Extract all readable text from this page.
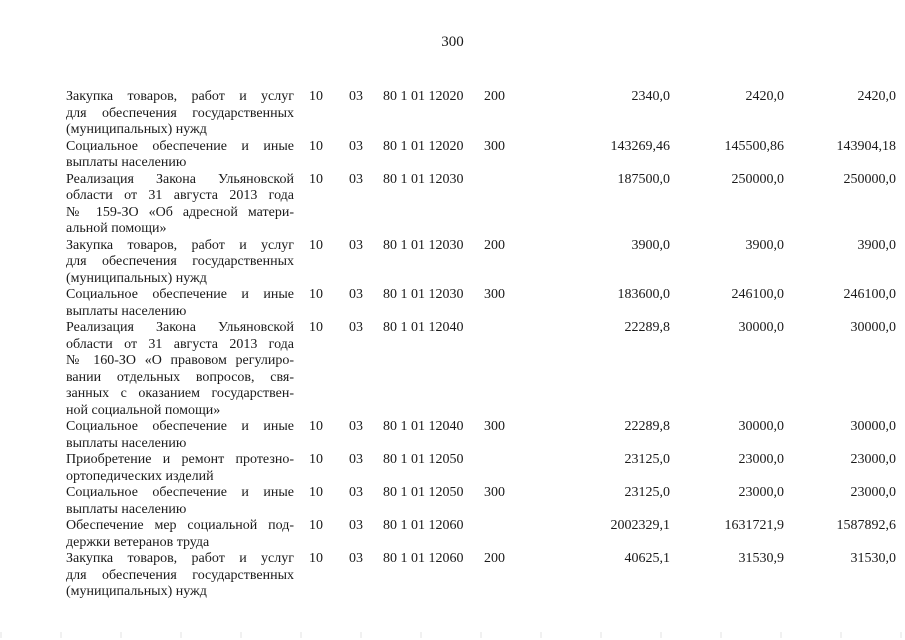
300
Закупка товаров, работ и услуг
для обеспечения государственных
(муниципальных) нужд
10 03 80 1 01 12020 200	2340,0	2420,0	2420,0
Социальное обеспечение и иные
выплаты населению
10 03 80 1 01 12020 300	143269,46	145500,86	143904,18
Реализация Закона Ульяновской
области от 31 августа 2013 года
№ 159-ЗО «Об адресной матери-
альной помощи»
10 03 80 1 01 12030	187500,0	250000,0	250000,0
Закупка товаров, работ и услуг
для обеспечения государственных
(муниципальных) нужд
10 03 80 1 01 12030 200	3900,0	3900,0	3900,0
Социальное обеспечение и иные
выплаты населению
10 03 80 1 01 12030 300	183600,0	246100,0	246100,0
Реализация Закона Ульяновской
области от 31 августа 2013 года
№ 160-ЗО «О правовом регулиро-
вании отдельных вопросов, свя-
занных с оказанием государствен-
ной социальной помощи»
10 03 80 1 01 12040	22289,8	30000,0	30000,0
Социальное обеспечение и иные
выплаты населению
10 03 80 1 01 12040 300	22289,8	30000,0	30000,0
Приобретение и ремонт протезно-
ортопедических изделий
10 03 80 1 01 12050	23125,0	23000,0	23000,0
Социальное обеспечение и иные
выплаты населению
10 03 80 1 01 12050 300	23125,0	23000,0	23000,0
Обеспечение мер социальной под-
держки ветеранов труда
10 03 80 1 01 12060	2002329,1	1631721,9	1587892,6
Закупка товаров, работ и услуг
для обеспечения государственных
(муниципальных) нужд
10 03 80 1 01 12060 200	40625,1	31530,9	31530,0
